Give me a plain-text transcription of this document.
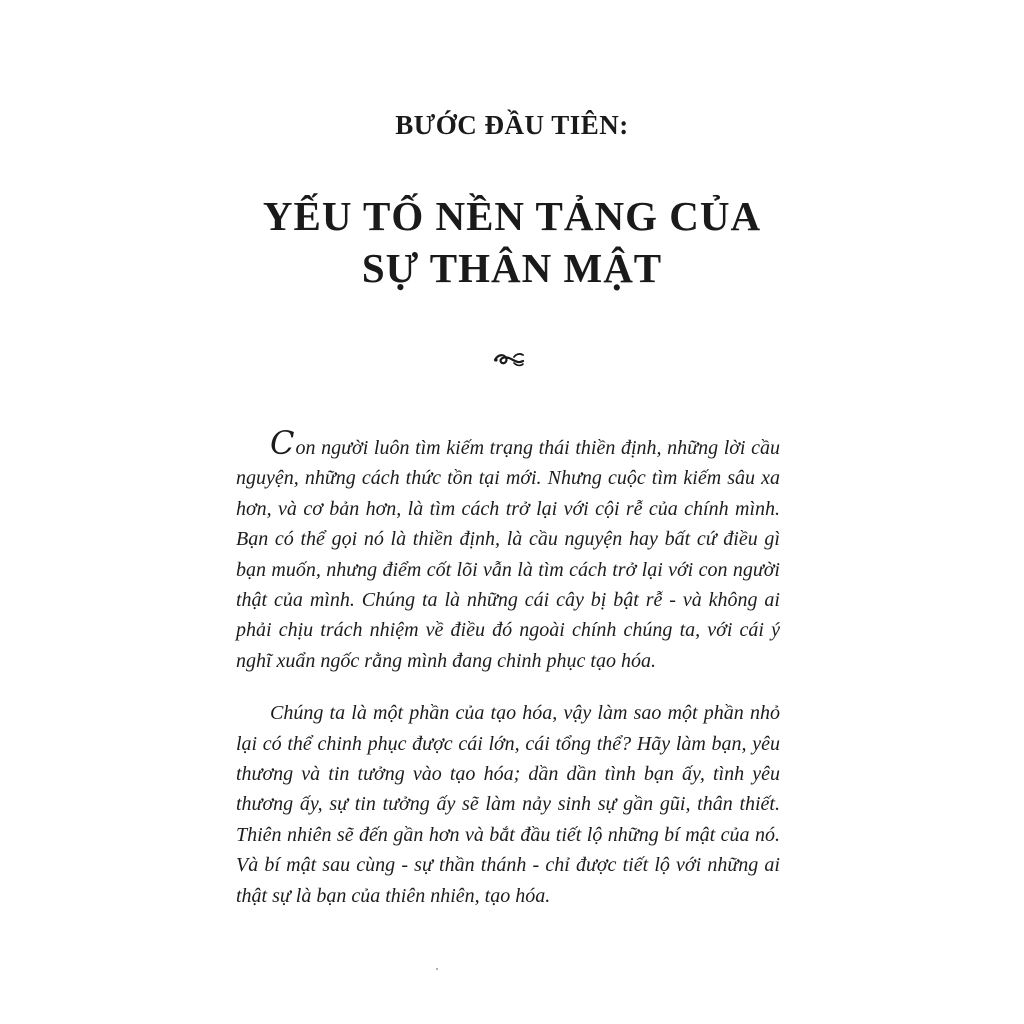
BƯỚC ĐẦU TIÊN:
YẾU TỐ NỀN TẢNG CỦA
SỰ THÂN MẬT

Con người luôn tìm kiếm trạng thái thiền định, những lời cầu nguyện, những cách thức tồn tại mới. Nhưng cuộc tìm kiếm sâu xa hơn, và cơ bản hơn, là tìm cách trở lại với cội rễ của chính mình. Bạn có thể gọi nó là thiền định, là cầu nguyện hay bất cứ điều gì bạn muốn, nhưng điểm cốt lõi vẫn là tìm cách trở lại với con người thật của mình. Chúng ta là những cái cây bị bật rễ - và không ai phải chịu trách nhiệm về điều đó ngoài chính chúng ta, với cái ý nghĩ xuẩn ngốc rằng mình đang chinh phục tạo hóa.

Chúng ta là một phần của tạo hóa, vậy làm sao một phần nhỏ lại có thể chinh phục được cái lớn, cái tổng thể? Hãy làm bạn, yêu thương và tin tưởng vào tạo hóa; dần dần tình bạn ấy, tình yêu thương ấy, sự tin tưởng ấy sẽ làm nảy sinh sự gần gũi, thân thiết. Thiên nhiên sẽ đến gần hơn và bắt đầu tiết lộ những bí mật của nó. Và bí mật sau cùng - sự thần thánh - chỉ được tiết lộ với những ai thật sự là bạn của thiên nhiên, tạo hóa.
